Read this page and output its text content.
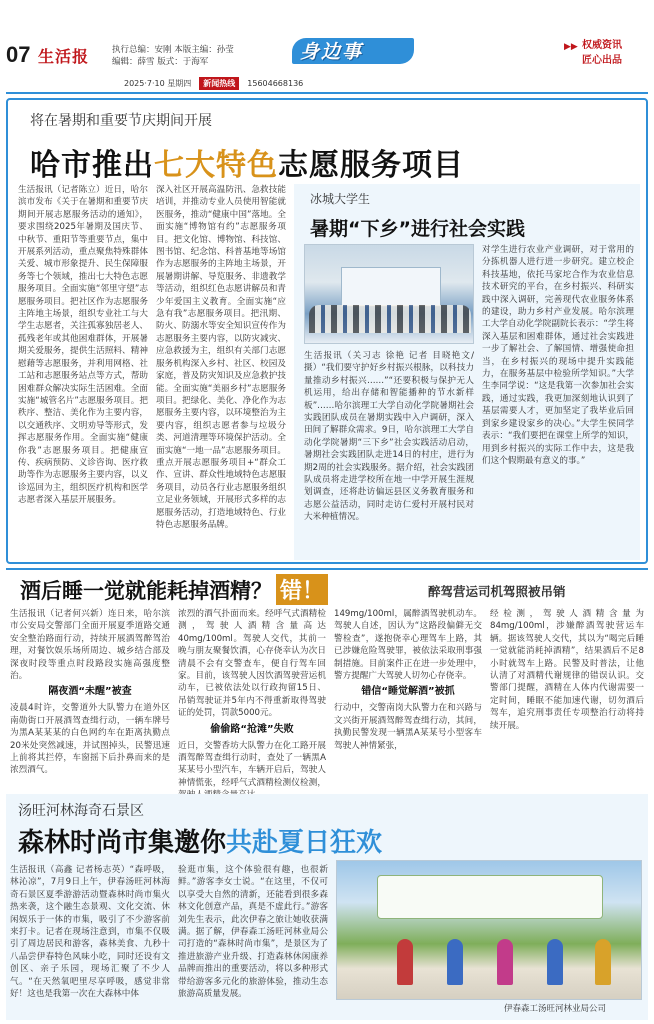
07 生活报	执行总编：安刚 本版主编：孙莹
编辑：薛雪 版式：于海军	身边事	▶▶ 权威资讯
匠心出品
2025·7·10 星期四	新闻热线	15604668136
将在暑期和重要节庆期间开展
哈市推出七大特色志愿服务项目
生活报讯（记者陈立）近日，哈尔滨市发布《关于在暑期和重要节庆期间开展志愿服务活动的通知》，要求围绕2025年暑期及国庆节、中秋节、重阳节等重要节点，集中开展系列活动，重点聚焦特殊群体关爱、城市形象提升、民生保障服务等七个领域，推出七大特色志愿服务项目。全面实施“邻里守望”志愿服务项目。把社区作为志愿服务主阵地主场景，组织专业社工与大学生志愿者，关注孤寡独居老人、孤残老年或其他困难群体，开展暑期关爱服务，提供生活照料、精神慰藉等志愿服务，并利用网格、社工站和志愿服务站点等方式，帮助困难群众解决实际生活困难。全面实施“城管名片”志愿服务项目。把秩序、整洁、美化作为主要内容，以交通秩序、文明劝导等形式，发挥志愿服务作用。全面实施“健康你我”志愿服务项目。把健康宣传、疾病预防、义诊咨询、医疗救助等作为志愿服务主要内容，以义诊巡回为主，组织医疗机构和医学志愿者深入基层开展服务。
深入社区开展高温防汛、急救技能培训，并推动专业人员使用智能就医服务，推动“健康中国”落地。全面实施“博物馆有约”志愿服务项目。把文化馆、博物馆、科技馆、图书馆、纪念馆、科普基地等场馆作为志愿服务的主阵地主场景，开展暑期讲解、导览服务、非遗教学等活动，组织红色志愿讲解员和青少年爱国主义教育。全面实施“应急有我”志愿服务项目。把汛期、防火、防溺水等安全知识宣传作为志愿服务主要内容，以防灾减灾、应急救援为主，组织有关部门志愿服务机构深入乡村、社区、校园及家庭，普及防灾知识及应急救护技能。全面实施“美丽乡村”志愿服务项目。把绿化、美化、净化作为志愿服务主要内容，以环境整治为主要内容，组织志愿者参与垃圾分类、河道清理等环境保护活动。全面实施“一地一品”志愿服务项目。重点开展志愿服务项目+“群众工作、宣讲、群众性地域特色志愿服务项目，动员各行业志愿服务组织立足业务领域，开展形式多样的志愿服务活动，打造地域特色、行业特色志愿服务品牌。
冰城大学生
暑期“下乡”进行社会实践
生活报讯（关习志 徐艳 记者 目晓艳文/摄）“我们要守护好乡村振兴根脉，以科技力量推动乡村振兴……”“还要积极与保护无人机运用，给出存储和智能播种的节水新样板”……哈尔滨理工大学自动化学院暑期社会实践团队成员在暑期实践中入户调研，深入田间了解群众需求。9日，哈尔滨理工大学自动化学院暑期“三下乡”社会实践活动启动，暑期社会实践团队走进14日的村庄，进行为期2周的社会实践服务。据介绍，社会实践团队成员将走进学校所在地一中学开展生涯规划调查，还将赴访偏远县区义务教育服务和志愿公益活动，同时走访仁爱村开展村民对大米种植情况。
对学生进行农业产业调研，对于常用的分拣机器人进行进一步研究。建立校企科技基地，依托马家坨合作为农业信息技术研究的平台，在乡村振兴、科研实践中深入调研，完善现代农业服务体系的建设，助力乡村产业发展。哈尔滨理工大学自动化学院副院长表示：“学生将深入基层和困难群体，通过社会实践进一步了解社会、了解国情、增强使命担当，在乡村振兴的现场中提升实践能力，在服务基层中检验所学知识。”大学生李同学说：“这是我第一次参加社会实践，通过实践，我更加深刻地认识到了基层需要人才，更加坚定了我毕业后回到家乡建设家乡的决心。”大学生侯同学表示：“我们要把在课堂上所学的知识，用到乡村振兴的实际工作中去，这是我们这个假期最有意义的事。”
酒后睡一觉就能耗掉酒精？ 错！	醉驾营运司机驾照被吊销
生活报讯（记者何兴新）连日来，哈尔滨市公安局交警部门全面开展夏季道路交通安全整治路面行动，持续开展酒驾醉驾治理，对餐饮娱乐场所周边、城乡结合部及深夜时段等重点时段路段实施高强度整治。
隔夜酒“未醒”被查
凌晨4时许，交警道外大队警力在道外区南勋街口开展酒驾查缉行动，一辆车牌号为黑A某某某的白色网约车在距离执勤点20米处突然减速，并试图掉头，民警迅速上前将其拦停，车窗摇下后扑鼻而来的是浓烈酒气。
浓烈的酒气扑面而来。经呼气式酒精检测，驾驶人酒精含量高达40mg/100ml。驾驶人交代，其前一晚与朋友聚餐饮酒，心存侥幸认为次日清晨不会有交警查车，便自行驾车回家。目前，该驾驶人因饮酒驾驶营运机动车，已被依法处以行政拘留15日、吊销驾驶证并5年内不得重新取得驾驶证的处罚，罚款5000元。
偷偷路“抢滩”失败
近日，交警香坊大队警力在化工路开展酒驾醉驾查缉行动时，查处了一辆黑A某某号小型汽车，车辆开启后，驾驶人神情慌张，经呼气式酒精检测仪检测，
149mg/100ml，属醉酒驾驶机动车。驾驶人自述，因认为“这路段偏僻无交警检查”，遂抱侥幸心理驾车上路，其已涉嫌危险驾驶罪，被依法采取刑事强制措施。目前案件正在进一步处理中，警方提醒广大驾驶人切勿心存侥幸。
错信“睡觉解酒”被抓
行动中，交警南岗大队警力在和兴路与文兴街开展酒驾醉驾查缉行动，其间，执勤民警发现一辆黑A某某号小型客车驾驶人神情紧张，
经检测，驾驶人酒精含量为84mg/100ml，涉嫌醉酒驾驶营运车辆。据该驾驶人交代，其以为“喝完后睡一觉就能消耗掉酒精”，结果酒后不足8小时就驾车上路。民警及时普法，让他认清了对酒精代谢规律的错误认识。交警部门提醒，酒精在人体内代谢需要一定时间，睡眠不能加速代谢，切勿酒后驾车，追究刑事责任专项整治行动将持续开展。
汤旺河林海奇石景区
森林时尚市集邀你共赴夏日狂欢
生活报讯（高鑫 记者杨志英）“森呼吸，林沁凉”，7月9日上午，伊春汤旺河林海奇石景区夏季游游活动暨森林时尚市集火热来袭，这个融生态景观、文化交流、休闲娱乐于一体的市集，吸引了不少游客前来打卡。记者在现场注意到，市集不仅吸引了周边居民和游客，森林美食、九秒十八品尝伊春特色风味小吃，同时还设有文创区、亲子乐园，现场汇聚了不少人气。“在天然氧吧里尽享呼吸，感觉非常好！这也是我第一次在大森林中体
验逛市集，这个体验很有趣，也很新鲜。”游客李女士说。“在这里，不仅可以享受大自然的清新，还能看到很多森林文化创意产品，真是不虚此行。”游客刘先生表示，此次伊春之旅让她收获满满。据了解，伊春森工汤旺河林业局公司打造的“森林时尚市集”，是景区为了推进旅游产业升级、打造森林休闲康养品牌而推出的重要活动，将以多种形式带给游客多元化的旅游体验，推动生态旅游高质量发展。
伊春森工汤旺河林业局公司
